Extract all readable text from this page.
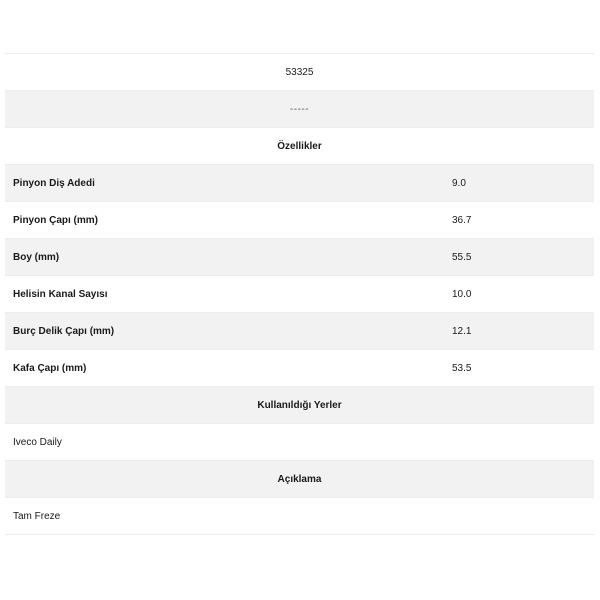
53325
-----
Özellikler
Pinyon Diş Adedi	9.0
Pinyon Çapı (mm)	36.7
Boy (mm)	55.5
Helisin Kanal Sayısı	10.0
Burç Delik Çapı (mm)	12.1
Kafa Çapı (mm)	53.5
Kullanıldığı Yerler
Iveco Daily
Açıklama
Tam Freze
